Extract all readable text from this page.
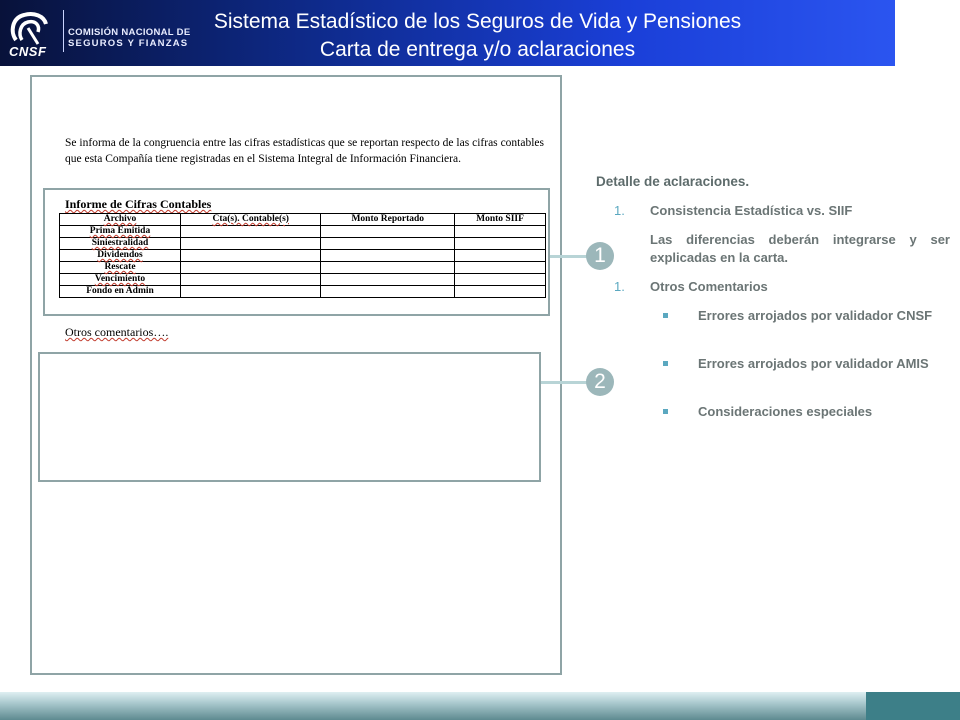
COMISIÓN NACIONAL DE
SEGUROS Y FIANZAS
CNSF
Sistema Estadístico de los Seguros de Vida y Pensiones
Carta de entrega y/o aclaraciones
Se informa de la congruencia entre las cifras estadísticas que se reportan respecto de las cifras contables que esta Compañía tiene registradas en el Sistema Integral de Información Financiera.
Informe de Cifras Contables
Archivo	Cta(s). Contable(s)	Monto Reportado	Monto SIIF
Prima Emitida			
Siniestralidad			
Dividendos			
Rescate			
Vencimiento			
Fondo en Admin			
Otros comentarios….
1
2
Detalle de aclaraciones.
1. Consistencia Estadística vs. SIIF
Las diferencias deberán integrarse y ser explicadas en la carta.
1. Otros Comentarios
Errores arrojados por validador CNSF
Errores arrojados por validador AMIS
Consideraciones especiales
